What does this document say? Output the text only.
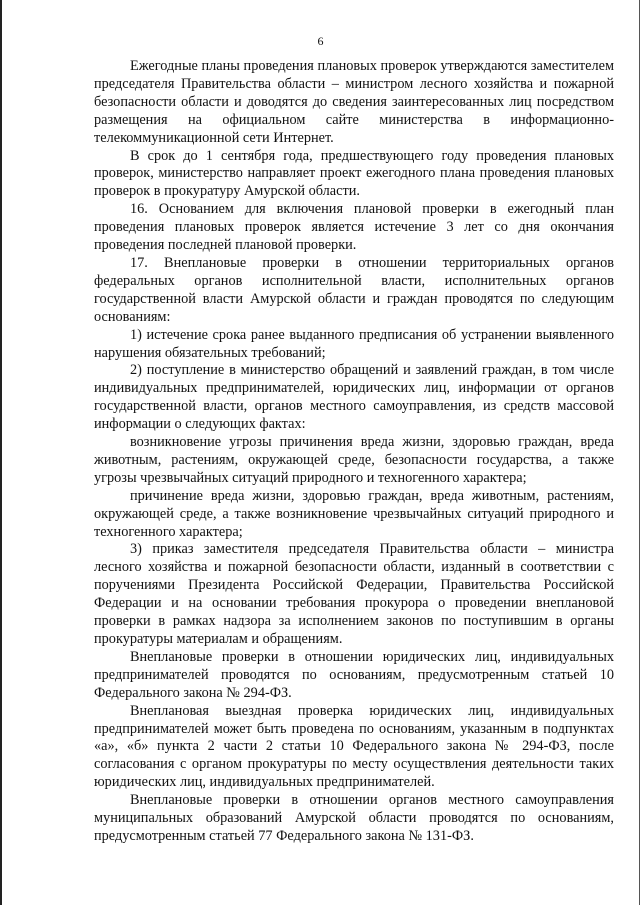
6

Ежегодные планы проведения плановых проверок утверждаются заместителем председателя Правительства области – министром лесного хозяйства и пожарной безопасности области и доводятся до сведения заинтересованных лиц посредством размещения на официальном сайте министерства в информационно-телекоммуникационной сети Интернет.

В срок до 1 сентября года, предшествующего году проведения плановых проверок, министерство направляет проект ежегодного плана проведения плановых проверок в прокуратуру Амурской области.

16. Основанием для включения плановой проверки в ежегодный план проведения плановых проверок является истечение 3 лет со дня окончания проведения последней плановой проверки.

17. Внеплановые проверки в отношении территориальных органов федеральных органов исполнительной власти, исполнительных органов государственной власти Амурской области и граждан проводятся по следующим основаниям:

1) истечение срока ранее выданного предписания об устранении выявленного нарушения обязательных требований;

2) поступление в министерство обращений и заявлений граждан, в том числе индивидуальных предпринимателей, юридических лиц, информации от органов государственной власти, органов местного самоуправления, из средств массовой информации о следующих фактах:

возникновение угрозы причинения вреда жизни, здоровью граждан, вреда животным, растениям, окружающей среде, безопасности государства, а также угрозы чрезвычайных ситуаций природного и техногенного характера;

причинение вреда жизни, здоровью граждан, вреда животным, растениям, окружающей среде, а также возникновение чрезвычайных ситуаций природного и техногенного характера;

3) приказ заместителя председателя Правительства области – министра лесного хозяйства и пожарной безопасности области, изданный в соответствии с поручениями Президента Российской Федерации, Правительства Российской Федерации и на основании требования прокурора о проведении внеплановой проверки в рамках надзора за исполнением законов по поступившим в органы прокуратуры материалам и обращениям.

Внеплановые проверки в отношении юридических лиц, индивидуальных предпринимателей проводятся по основаниям, предусмотренным статьей 10 Федерального закона № 294-ФЗ.

Внеплановая выездная проверка юридических лиц, индивидуальных предпринимателей может быть проведена по основаниям, указанным в подпунктах «а», «б» пункта 2 части 2 статьи 10 Федерального закона № 294-ФЗ, после согласования с органом прокуратуры по месту осуществления деятельности таких юридических лиц, индивидуальных предпринимателей.

Внеплановые проверки в отношении органов местного самоуправления муниципальных образований Амурской области проводятся по основаниям, предусмотренным статьей 77 Федерального закона № 131-ФЗ.
